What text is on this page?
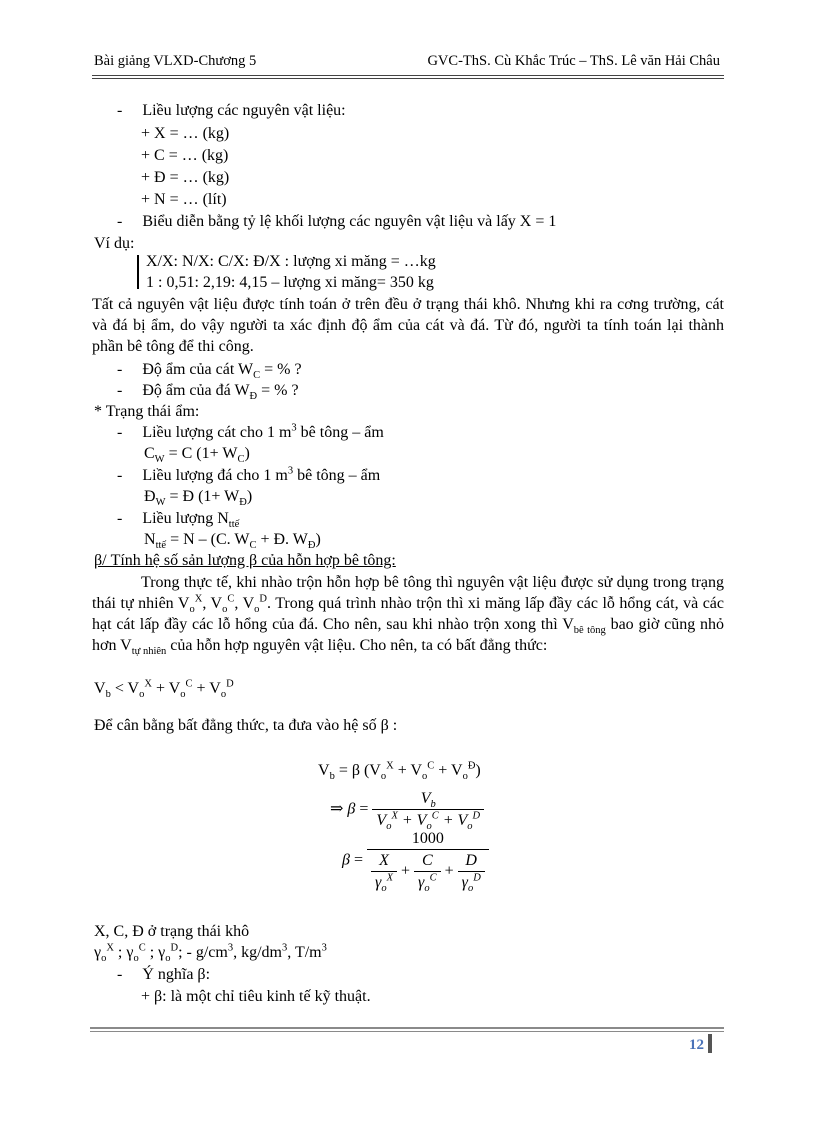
Bài giảng VLXD-Chương 5	GVC-ThS. Cù Khắc Trúc – ThS. Lê văn Hải Châu
-     Liều lượng các nguyên vật liệu:
+ X = … (kg)
+ C = … (kg)
+ Đ = … (kg)
+ N = … (lít)
-     Biểu diễn bằng tỷ lệ khối lượng các nguyên vật liệu và lấy X = 1
Ví dụ:
X/X: N/X: C/X: Đ/X : lượng xi măng = …kg
1 : 0,51: 2,19: 4,15 – lượng xi măng= 350 kg
Tất cả nguyên vật liệu được tính toán ở trên đều ở trạng thái khô. Nhưng khi ra cơng trường, cát và đá bị ẩm, do vậy người ta xác định độ ẩm của cát và đá. Từ đó, người ta tính toán lại thành phần bê tông để thi công.
-     Độ ẩm của cát $W_C$ = % ?
-     Độ ẩm của đá $W_Đ$ = % ?
* Trạng thái ẩm:
-     Liều lượng cát cho 1 $m^3$ bê tông – ẩm
$C_W = C$ $(1+ W_C)$
-     Liều lượng đá cho 1 $m^3$ bê tông – ẩm
$Đ_W$ = Đ $(1+ W_Đ)$
-     Liều lượng $N_{ttế}$
$N_{ttế} = N - (C$. $W_C$ + Đ. $W_Đ$)
β/ Tính hệ số sản lượng β của hỗn hợp bê tông:
Trong thực tế, khi nhào trộn hỗn hợp bê tông thì nguyên vật liệu được sử dụng trong trạng thái tự nhiên $V_o^X$, $V_o^C$, $V_o^D$. Trong quá trình nhào trộn thì xi măng lấp đầy các lỗ hổng cát, và các hạt cát lấp đầy các lỗ hổng của đá. Cho nên, sau khi nhào trộn xong thì $V_{bê tông}$ bao giờ cũng nhỏ hơn $V_{tự nhiên}$ của hỗn hợp nguyên vật liệu. Cho nên, ta có bất đẳng thức:
$V_b < V_o^X + V_o^C + V_o^D$
Để cân bằng bất đẳng thức, ta đưa vào hệ số β :
$V_b = \beta$ $(V_o^X + V_o^C + V_o^Đ)$
⇒ $\beta = \frac{V_b}{V_o^X + V_o^C + V_o^D}$
$\beta = \frac{1000}{\frac{X}{\gamma_o^X} + \frac{C}{\gamma_o^C} + \frac{D}{\gamma_o^D}}$
X, C, Đ ở trạng thái khô
$\gamma_o^X$ ; $\gamma_o^C$ ; $\gamma_o^D$; - $g/cm^3$, $kg/dm^3$, $T/m^3$
-     Ý nghĩa β:
+ β: là một chỉ tiêu kinh tế kỹ thuật.
12
